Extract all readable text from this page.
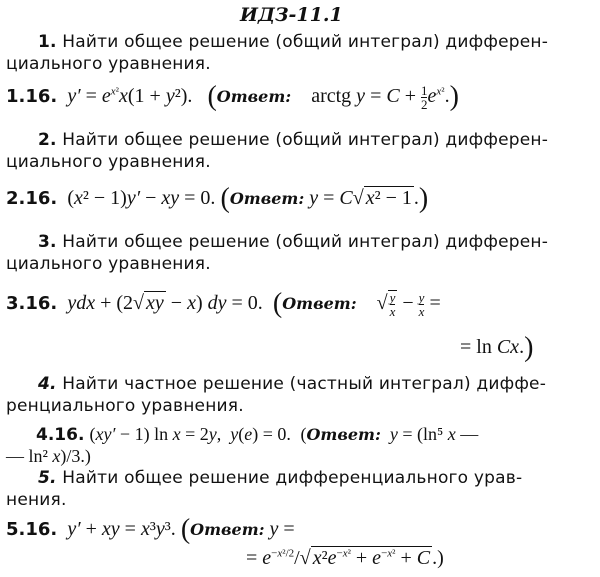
ИДЗ-11.1
1. Найти общее решение (общий интеграл) дифферен-
циального уравнения.
1.16. $y' = e^{x^2}x(1 + y^2)$. (Ответ:    arctg $y = C + \frac{1}{2} e^{x^2}$.)
2. Найти общее решение (общий интеграл) дифферен-
циального уравнения.
2.16.  (x² − 1)y′ − xy = 0. (Ответ: y = C√ x² − 1 .)
3. Найти общее решение (общий интеграл) дифферен-
циального уравнения.
3.16. ydx + (2√ xy − x) dy = 0. (Ответ:    √ $\frac{y}{x} - \frac{y}{x}$ =
= ln Cx.)
4. Найти частное решение (частный интеграл) диффе-
ренциального уравнения.
4.16. (xy′ − 1) ln x = 2y,  y(e) = 0.  (Ответ: y = (ln⁵ x —
— ln² x)/3.)
5. Найти общее решение дифференциального урав-
нения.
5.16. y′ + xy = x³y³. (Ответ: y =
= $e^{-x^2/2}/√$ $x^2e^{-x^2} + e^{-x^2} + C$ .)
